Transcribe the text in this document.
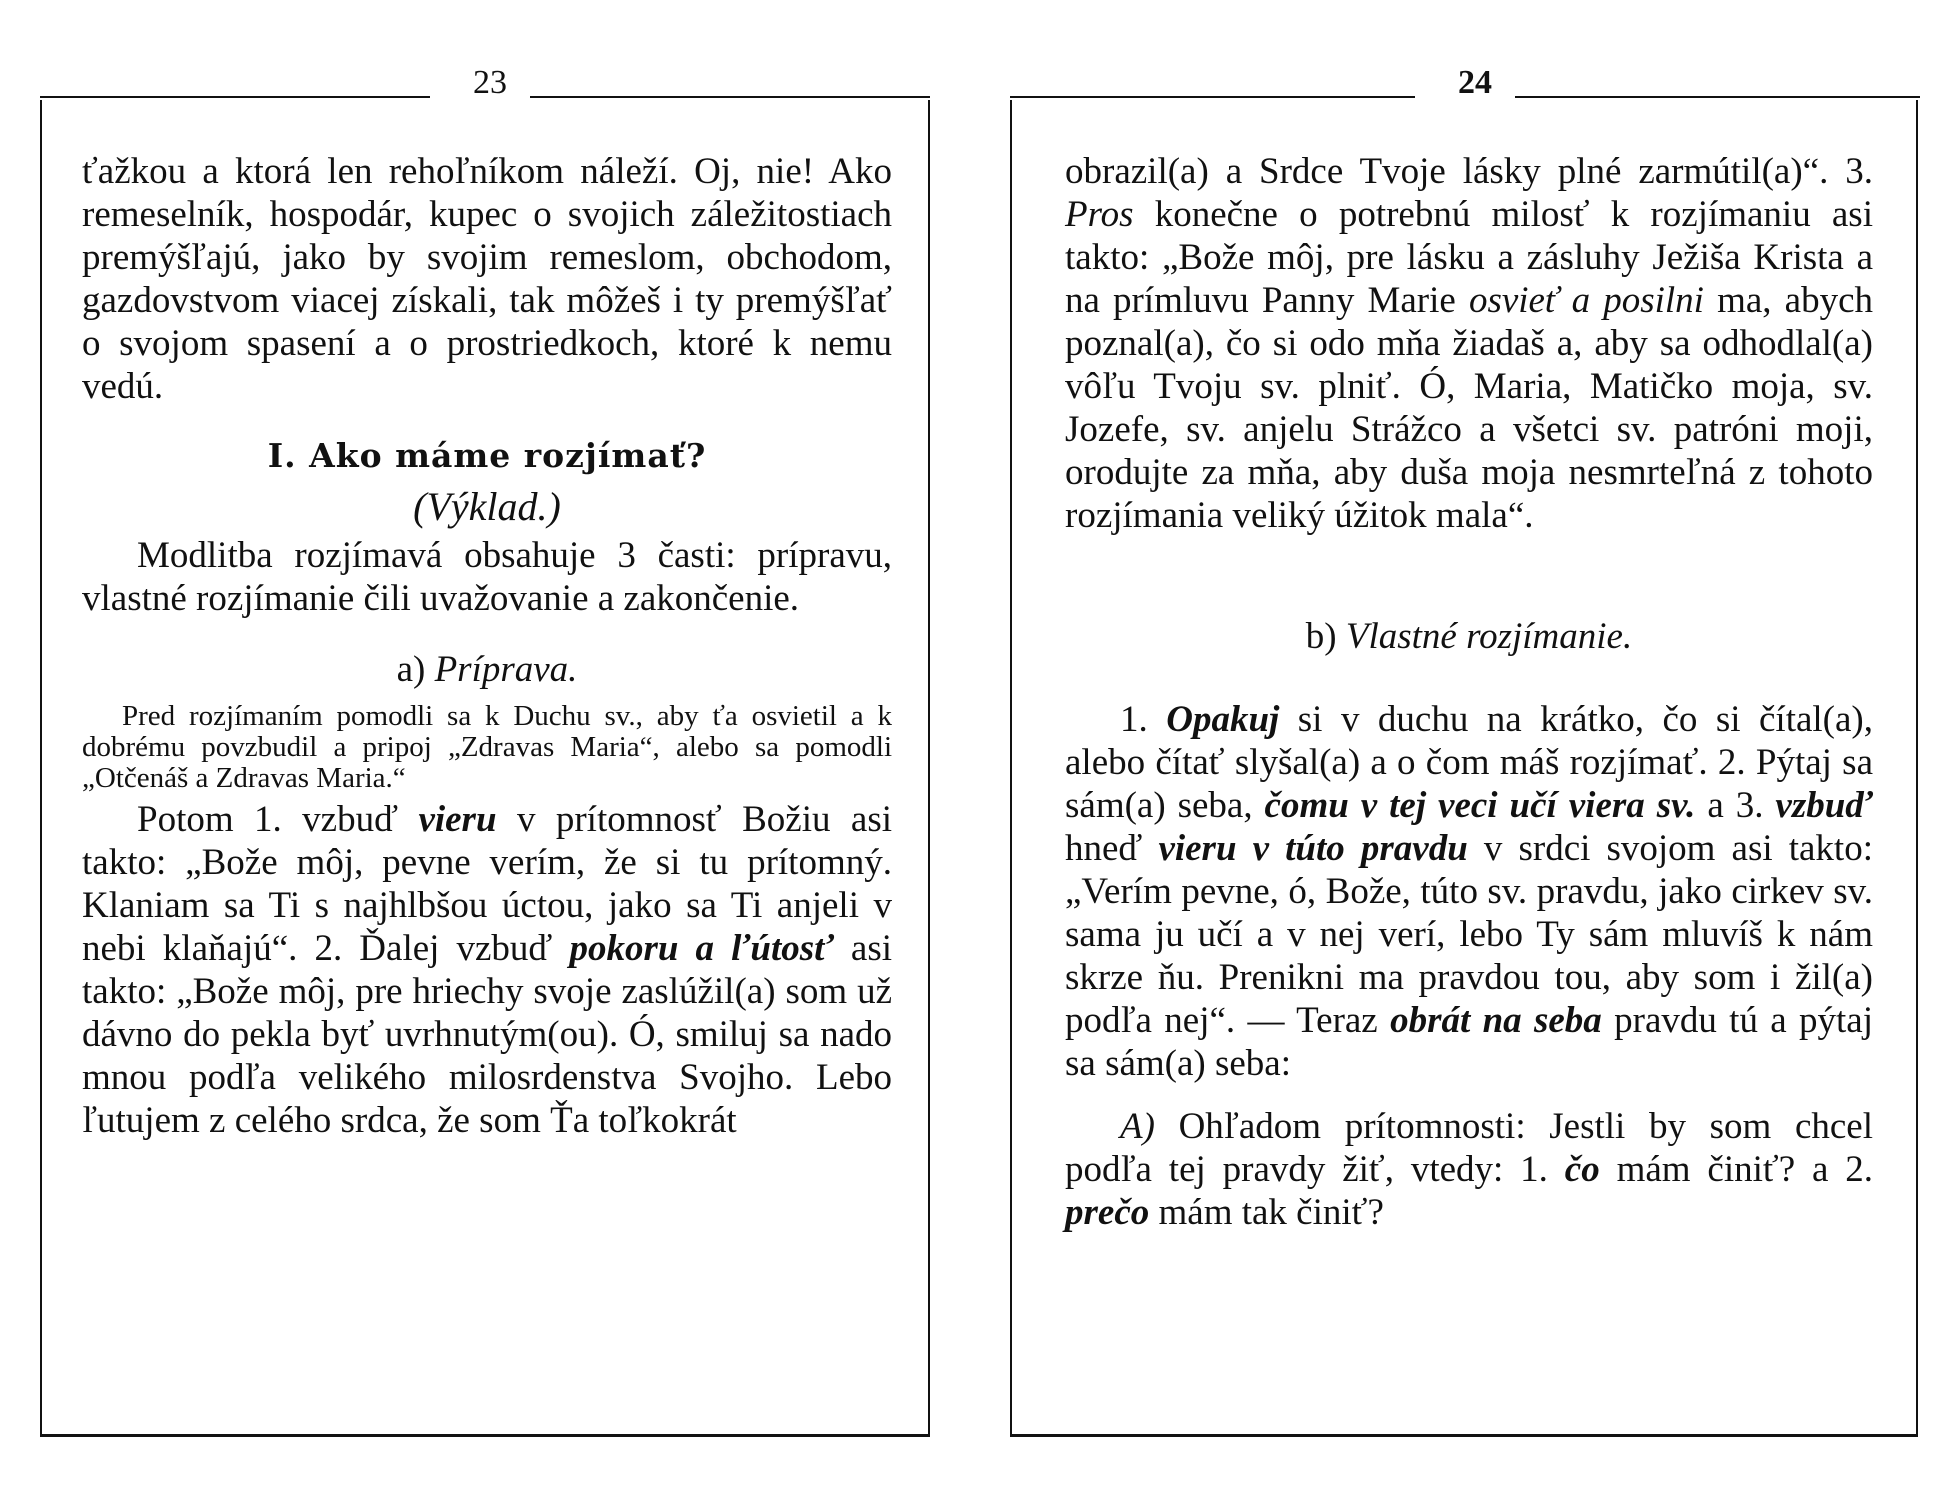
23

ťažkou a ktorá len rehoľníkom náleží. Oj, nie! Ako remeselník, hospodár, kupec o svojich záležitostiach premýšľajú, jako by svojim remeslom, obchodom, gazdovstvom viacej získali, tak môžeš i ty premýšľať o svojom spasení a o prostriedkoch, ktoré k nemu vedú.

I. Ako máme rozjímať?

(Výklad.)

Modlitba rozjímavá obsahuje 3 časti: prípravu, vlastné rozjímanie čili uvažovanie a zakončenie.

a) Príprava.

Pred rozjímaním pomodli sa k Duchu sv., aby ťa osvietil a k dobrému povzbudil a pripoj „Zdravas Maria“, alebo sa pomodli „Otčenáš a Zdravas Maria.“

Potom 1. vzbuď vieru v prítomnosť Božiu asi takto: „Bože môj, pevne verím, že si tu prítomný. Klaniam sa Ti s najhlbšou úctou, jako sa Ti anjeli v nebi klaňajú“. 2. Ďalej vzbuď pokoru a ľútosť asi takto: „Bože môj, pre hriechy svoje zaslúžil(a) som už dávno do pekla byť uvrhnutým(ou). Ó, smiluj sa nado mnou podľa velikého milosrdenstva Svojho. Lebo ľutujem z celého srdca, že som Ťa toľkokrát

24

obrazil(a) a Srdce Tvoje lásky plné zarmútil(a)“. 3. Pros konečne o potrebnú milosť k rozjímaniu asi takto: „Bože môj, pre lásku a zásluhy Ježiša Krista a na prímluvu Panny Marie osvieť a posilni ma, abych poznal(a), čo si odo mňa žiadaš a, aby sa odhodlal(a) vôľu Tvoju sv. plniť. Ó, Maria, Matičko moja, sv. Jozefe, sv. anjelu Strážco a všetci sv. patróni moji, orodujte za mňa, aby duša moja nesmrteľná z tohoto rozjímania veliký úžitok mala“.

b) Vlastné rozjímanie.

1. Opakuj si v duchu na krátko, čo si čítal(a), alebo čítať slyšal(a) a o čom máš rozjímať. 2. Pýtaj sa sám(a) seba, čomu v tej veci učí viera sv. a 3. vzbuď hneď vieru v túto pravdu v srdci svojom asi takto: „Verím pevne, ó, Bože, túto sv. pravdu, jako cirkev sv. sama ju učí a v nej verí, lebo Ty sám mluvíš k nám skrze ňu. Prenikni ma pravdou tou, aby som i žil(a) podľa nej“. — Teraz obrát na seba pravdu tú a pýtaj sa sám(a) seba:

A) Ohľadom prítomnosti: Jestli by som chcel podľa tej pravdy žiť, vtedy: 1. čo mám činiť? a 2. prečo mám tak činiť?
